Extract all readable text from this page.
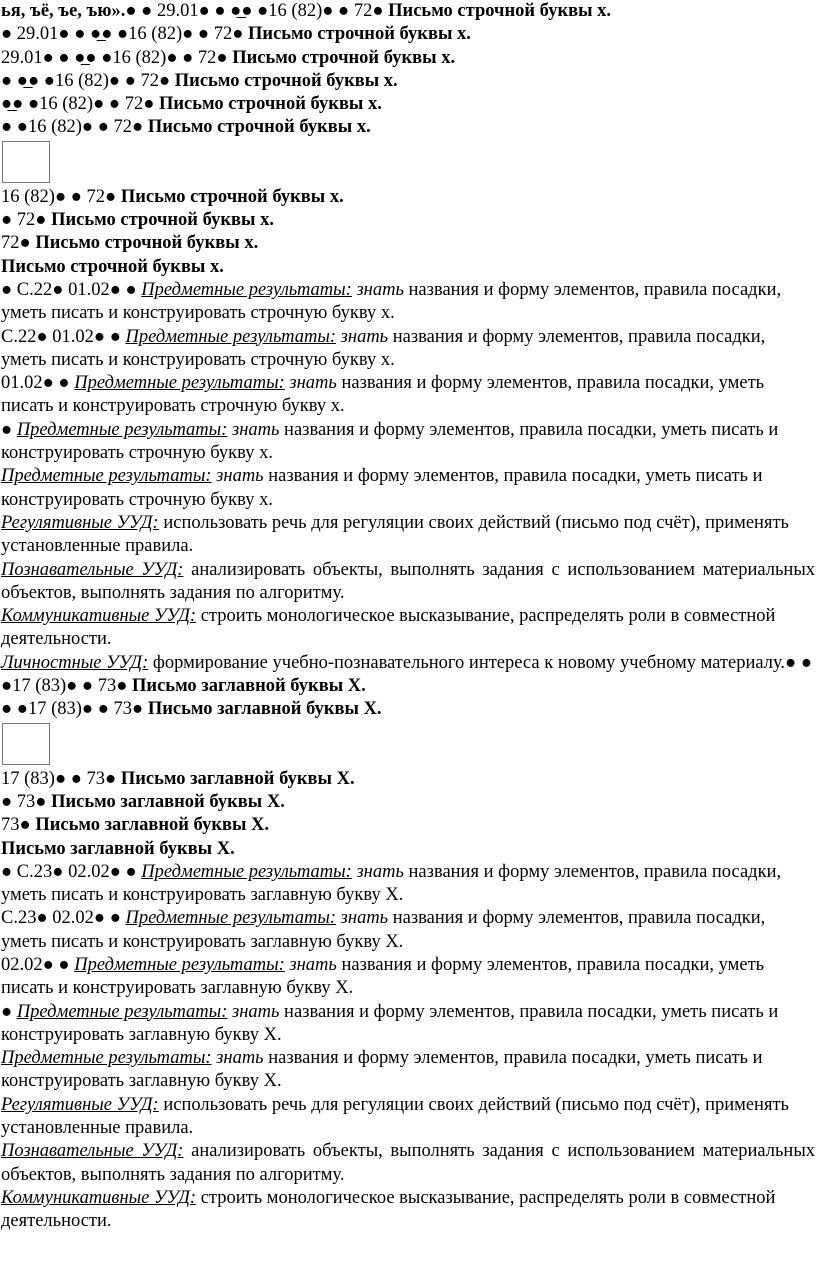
ья, ъё, ъе, ъю».● ● 29.01● ● ●̲● ●16 (82)● ● 72● Письмо строчной буквы х.
● 29.01● ● ●̲● ●16 (82)● ● 72● Письмо строчной буквы х.
29.01● ● ●̲● ●16 (82)● ● 72● Письмо строчной буквы х.
● ●̲● ●16 (82)● ● 72● Письмо строчной буквы х.
●̲● ●16 (82)● ● 72● Письмо строчной буквы х.
● ●16 (82)● ● 72● Письмо строчной буквы х.
16 (82)● ● 72● Письмо строчной буквы х.
● 72● Письмо строчной буквы х.
72● Письмо строчной буквы х.
Письмо строчной буквы х.
● С.22● 01.02● ● Предметные результаты: знать названия и форму элементов, правила посадки, уметь писать и конструировать строчную букву х.
С.22● 01.02● ● Предметные результаты: знать названия и форму элементов, правила посадки, уметь писать и конструировать строчную букву х.
01.02● ● Предметные результаты: знать названия и форму элементов, правила посадки, уметь писать и конструировать строчную букву х.
● Предметные результаты: знать названия и форму элементов, правила посадки, уметь писать и конструировать строчную букву х.
Предметные результаты: знать названия и форму элементов, правила посадки, уметь писать и конструировать строчную букву х.
Регулятивные УУД: использовать речь для регуляции своих действий (письмо под счёт), применять установленные правила.
Познавательные УУД: анализировать объекты, выполнять задания с использованием материальных объектов, выполнять задания по алгоритму.
Коммуникативные УУД: строить монологическое высказывание, распределять роли в совместной деятельности.
Личностные УУД: формирование учебно-познавательного интереса к новому учебному материалу.● ● ●17 (83)● ● 73● Письмо заглавной буквы Х.
● ●17 (83)● ● 73● Письмо заглавной буквы Х.
17 (83)● ● 73● Письмо заглавной буквы Х.
● 73● Письмо заглавной буквы Х.
73● Письмо заглавной буквы Х.
Письмо заглавной буквы Х.
● С.23● 02.02● ● Предметные результаты: знать названия и форму элементов, правила посадки, уметь писать и конструировать заглавную букву Х.
С.23● 02.02● ● Предметные результаты: знать названия и форму элементов, правила посадки, уметь писать и конструировать заглавную букву Х.
02.02● ● Предметные результаты: знать названия и форму элементов, правила посадки, уметь писать и конструировать заглавную букву Х.
● Предметные результаты: знать названия и форму элементов, правила посадки, уметь писать и конструировать заглавную букву Х.
Предметные результаты: знать названия и форму элементов, правила посадки, уметь писать и конструировать заглавную букву Х.
Регулятивные УУД: использовать речь для регуляции своих действий (письмо под счёт), применять установленные правила.
Познавательные УУД: анализировать объекты, выполнять задания с использованием материальных объектов, выполнять задания по алгоритму.
Коммуникативные УУД: строить монологическое высказывание, распределять роли в совместной деятельности.
